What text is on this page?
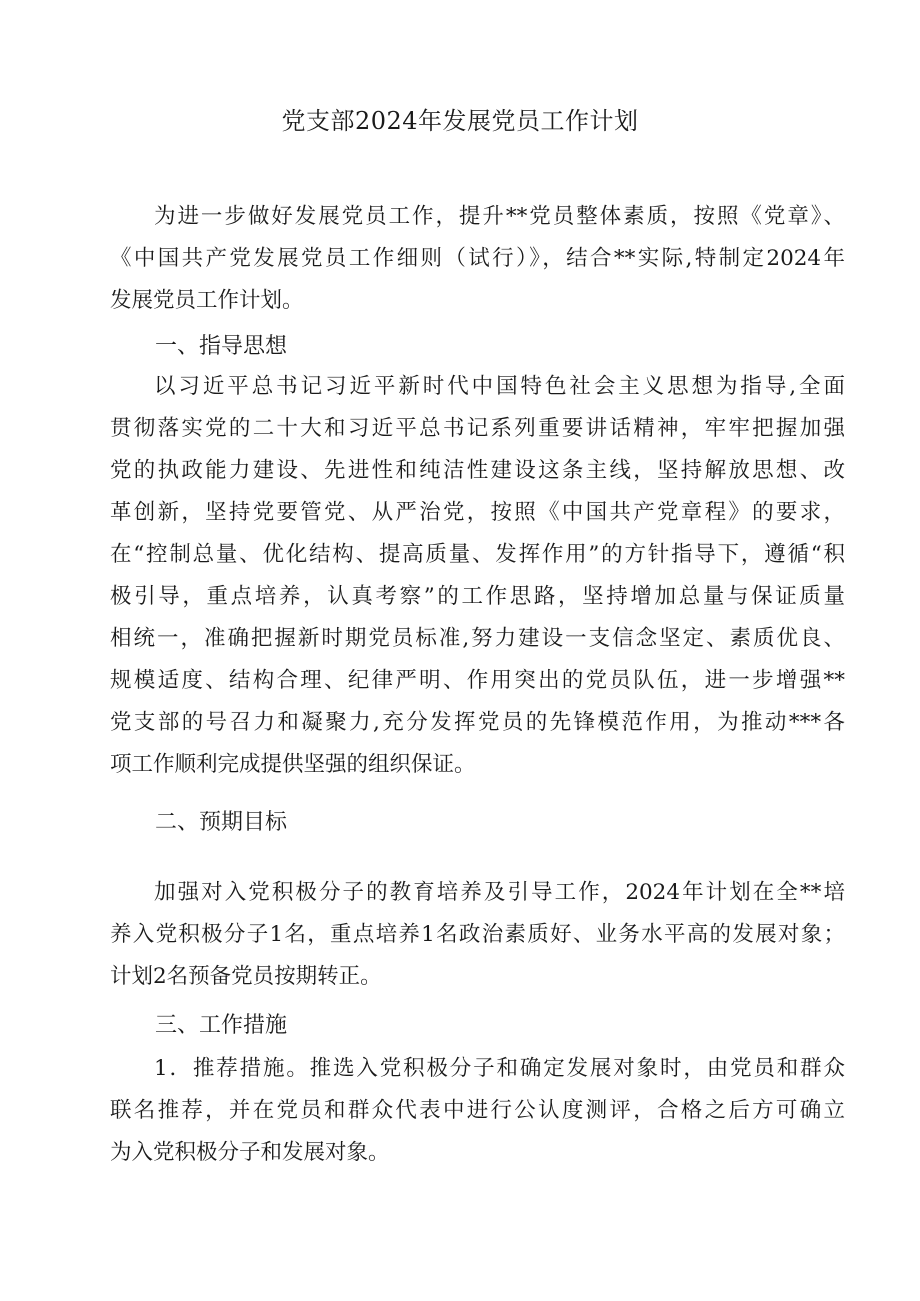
党支部2024年发展党员工作计划
为进一步做好发展党员工作，提升**党员整体素质，按照《党章》、
《中国共产党发展党员工作细则（试行）》，结合**实际,特制定2024年
发展党员工作计划。
一、指导思想
以习近平总书记习近平新时代中国特色社会主义思想为指导,全面
贯彻落实党的二十大和习近平总书记系列重要讲话精神，牢牢把握加强
党的执政能力建设、先进性和纯洁性建设这条主线，坚持解放思想、改
革创新，坚持党要管党、从严治党，按照《中国共产党章程》的要求，
在“控制总量、优化结构、提高质量、发挥作用”的方针指导下，遵循“积
极引导，重点培养，认真考察”的工作思路，坚持增加总量与保证质量
相统一，准确把握新时期党员标准,努力建设一支信念坚定、素质优良、
规模适度、结构合理、纪律严明、作用突出的党员队伍，进一步增强**
党支部的号召力和凝聚力,充分发挥党员的先锋模范作用，为推动***各
项工作顺利完成提供坚强的组织保证。
二、预期目标
加强对入党积极分子的教育培养及引导工作，2024年计划在全**培
养入党积极分子1名，重点培养1名政治素质好、业务水平高的发展对象；
计划2名预备党员按期转正。
三、工作措施
1．推荐措施。推选入党积极分子和确定发展对象时，由党员和群众
联名推荐，并在党员和群众代表中进行公认度测评，合格之后方可确立
为入党积极分子和发展对象。
